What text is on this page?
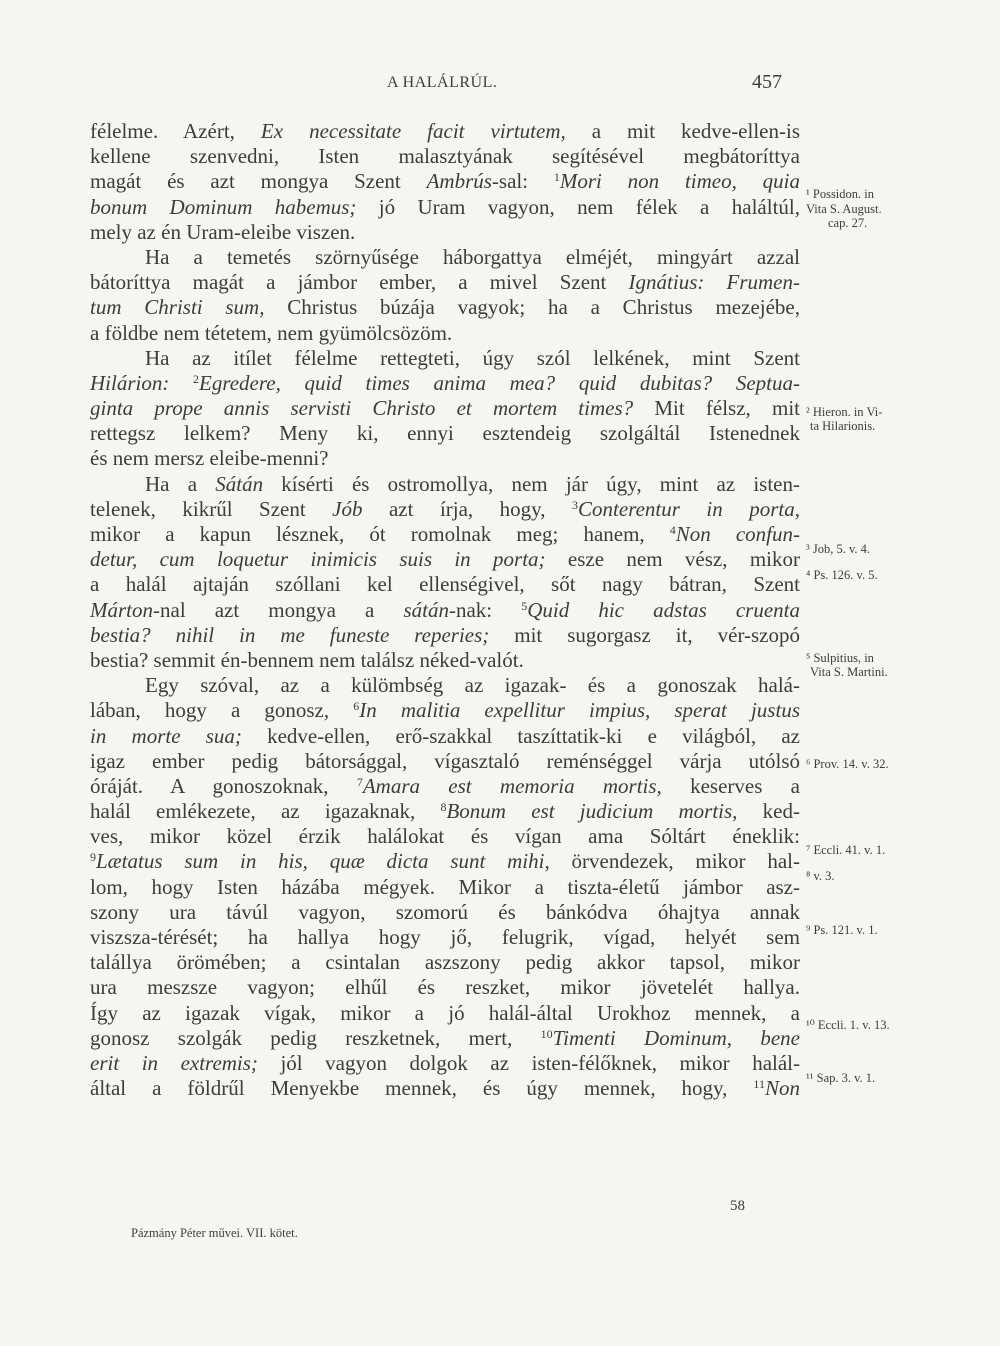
A HALÁLRÚL.	457
félelme. Azért, Ex necessitate facit virtutem, a mit kedve-ellen-is
kellene szenvedni, Isten malasztyának segítésével megbátoríttya
magát és azt mongya Szent Ambrús-sal: $^1$Mori non timeo, quia
bonum Dominum habemus; jó Uram vagyon, nem félek a haláltúl,
mely az én Uram-eleibe viszen.
Ha a temetés szörnyűsége háborgattya elméjét, mingyárt azzal
bátoríttya magát a jámbor ember, a mivel Szent Ignátius: Frumen-
tum Christi sum, Christus búzája vagyok; ha a Christus mezejébe,
a földbe nem tétetem, nem gyümölcsözöm.
Ha az itílet félelme rettegteti, úgy szól lelkének, mint Szent
Hilárion: $^2$Egredere, quid times anima mea? quid dubitas? Septua-
ginta prope annis servisti Christo et mortem times? Mit félsz, mit
rettegsz lelkem? Meny ki, ennyi esztendeig szolgáltál Istenednek
és nem mersz eleibe-menni?
Ha a Sátán kísérti és ostromollya, nem jár úgy, mint az isten-
telenek, kikrűl Szent Jób azt írja, hogy, $^3$Conterentur in porta,
mikor a kapun lésznek, ót romolnak meg; hanem, $^4$Non confun-
detur, cum loquetur inimicis suis in porta; esze nem vész, mikor
a halál ajtaján szóllani kel ellenségivel, sőt nagy bátran, Szent
Márton-nal azt mongya a sátán-nak: $^5$Quid hic adstas cruenta
bestia? nihil in me funeste reperies; mit sugorgasz it, vér-szopó
bestia? semmit én-bennem nem találsz néked-valót.
Egy szóval, az a külömbség az igazak- és a gonoszak halá-
lában, hogy a gonosz, $^6$In malitia expellitur impius, sperat justus
in morte sua; kedve-ellen, erő-szakkal taszíttatik-ki e világból, az
igaz ember pedig bátorsággal, vígasztaló reménséggel várja utólsó
óráját. A gonoszoknak, $^7$Amara est memoria mortis, keserves a
halál emlékezete, az igazaknak, $^8$Bonum est judicium mortis, ked-
ves, mikor közel érzik halálokat és vígan ama Sóltárt éneklik:
$^9$Lætatus sum in his, quæ dicta sunt mihi, örvendezek, mikor hal-
lom, hogy Isten házába mégyek. Mikor a tiszta-életű jámbor asz-
szony ura távúl vagyon, szomorú és bánkódva óhajtya annak
viszsza-térését; ha hallya hogy jő, felugrik, vígad, helyét sem
talállya örömében; a csintalan aszszony pedig akkor tapsol, mikor
ura meszsze vagyon; elhűl és reszket, mikor jövetelét hallya.
Így az igazak vígak, mikor a jó halál-által Urokhoz mennek, a
gonosz szolgák pedig reszketnek, mert, $^{10}$Timenti Dominum, bene
erit in extremis; jól vagyon dolgok az isten-félőknek, mikor halál-
által a földrűl Menyekbe mennek, és úgy mennek, hogy, $^{11}$Non
¹ Possidon. in
Vita S. August.
cap. 27.
² Hieron. in Vi-
ta Hilarionis.
³ Job, 5. v. 4.
⁴ Ps. 126. v. 5.
⁵ Sulpitius, in
Vita S. Martini.
⁶ Prov. 14. v. 32.
⁷ Eccli. 41. v. 1.
⁸ v. 3.
⁹ Ps. 121. v. 1.
¹⁰ Eccli. 1. v. 13.
¹¹ Sap. 3. v. 1.
Pázmány Péter művei. VII. kötet.
58
